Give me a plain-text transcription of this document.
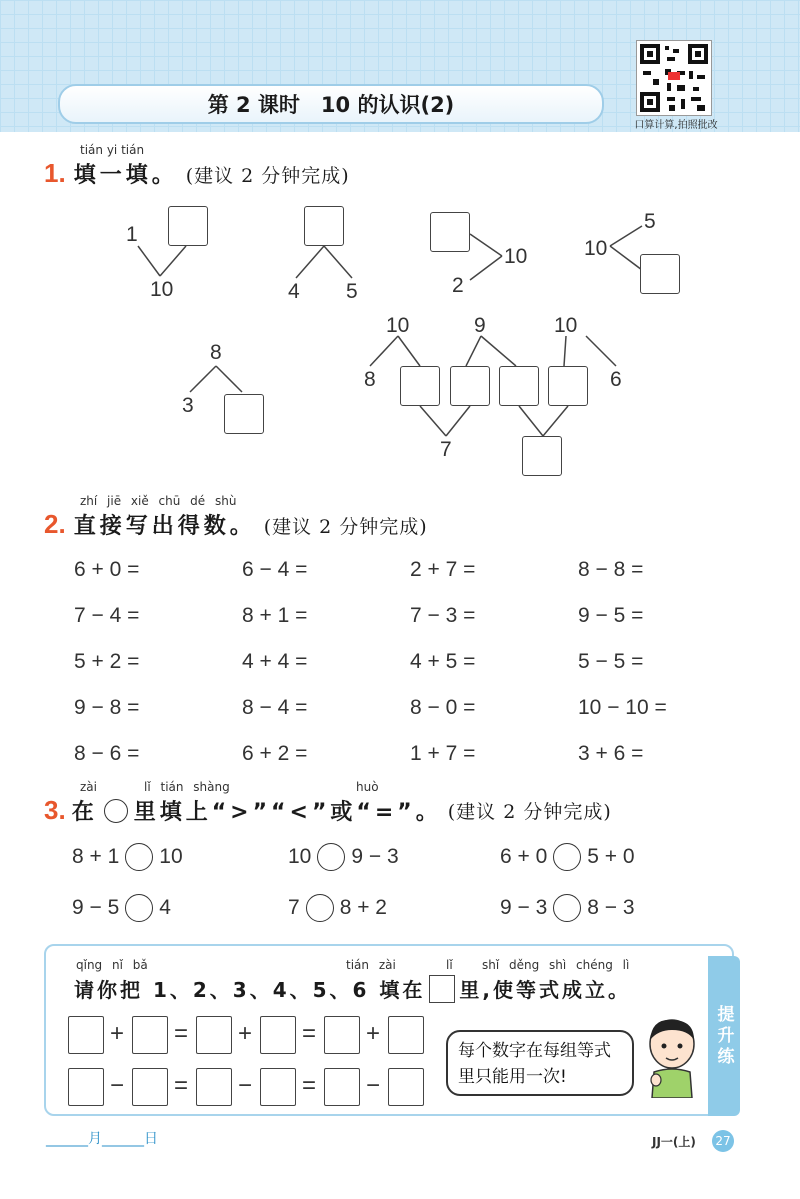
第 2 课时　10 的认识(2)
口算计算,拍照批改
tián yi tián
1. 填一填。 (建议 2 分钟完成)
1
10	4 5
10
2
5
10
8
3
10	9	10
8	6
7
zhí jiē xiě chū dé shù
2. 直接写出得数。 (建议 2 分钟完成)
6 + 0 =	6 − 4 =	2 + 7 =	8 − 8 =
7 − 4 =	8 + 1 =	7 − 3 =	9 − 5 =
5 + 2 =	4 + 4 =	4 + 5 =	5 − 5 =
9 − 8 =	8 − 4 =	8 − 0 =	10 − 10 =
8 − 6 =	6 + 2 =	1 + 7 =	3 + 6 =
zài	lǐ tián shàng	huò
3. 在 里填上“>”“<”或“=”。 (建议 2 分钟完成)
8 + 1 10	10 9 − 3	6 + 0 5 + 0
9 − 5 4	7 8 + 2	9 − 3 8 − 3
提升练
qǐng nǐ bǎ	tián zài	lǐ shǐ děng shì chéng lì
请你把 1、2、3、4、5、6 填在 里,使等式成立。
+ = + = +
− = − = −
每个数字在每组等式里只能用一次!
______月______日	JJ一(上) 27
